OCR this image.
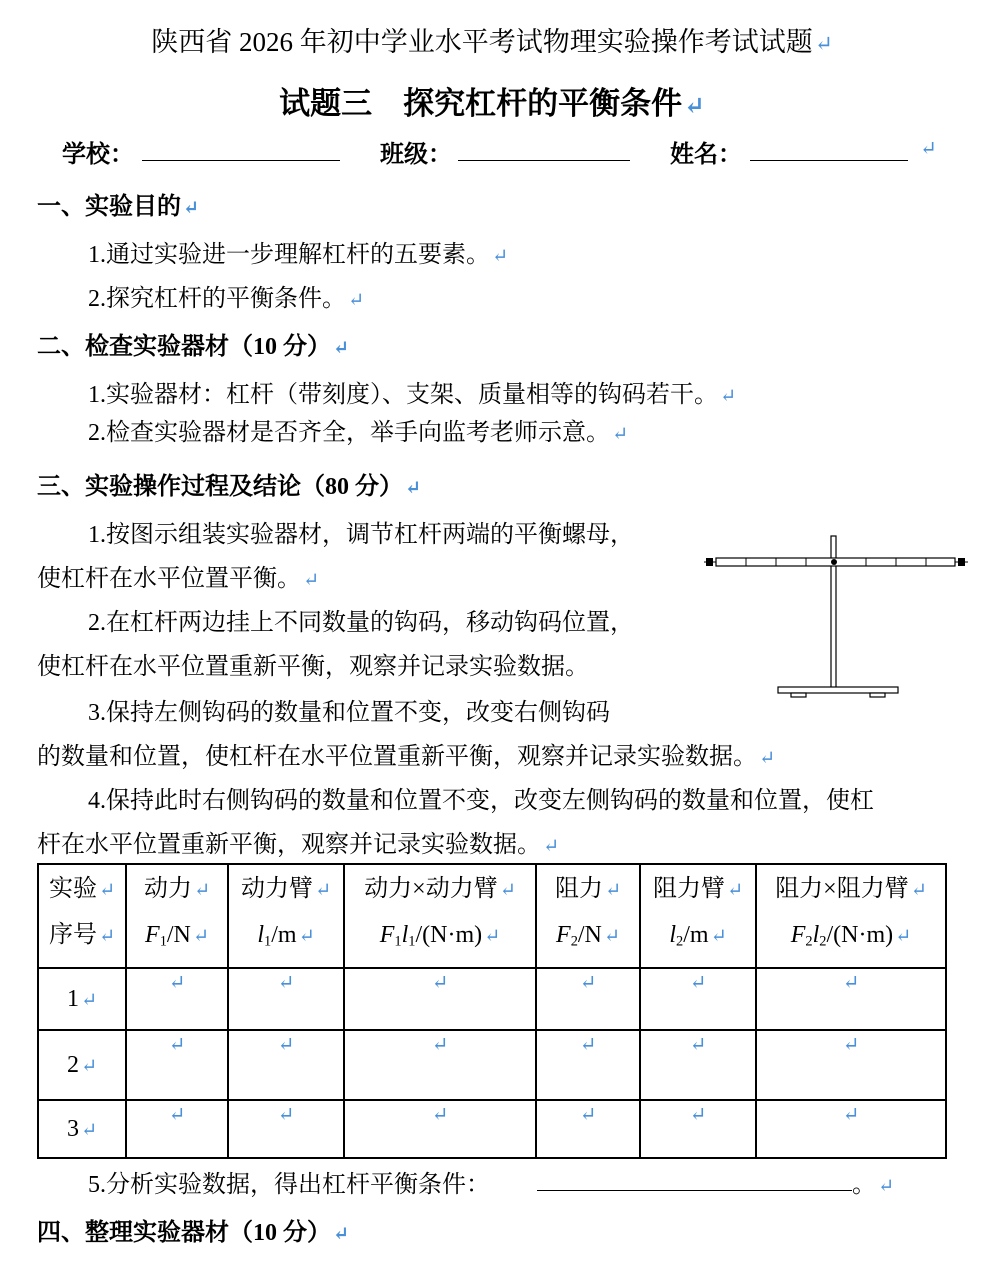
陕西省 2026 年初中学业水平考试物理实验操作考试试题 ↵
试题三　探究杠杆的平衡条件 ↵
学校：	班级：	姓名：
↵
一、实验目的 ↵
1.通过实验进一步理解杠杆的五要素。 ↵
2.探究杠杆的平衡条件。 ↵
二、检查实验器材（10 分） ↵
1.实验器材：杠杆（带刻度）、支架、质量相等的钩码若干。 ↵
2.检查实验器材是否齐全，举手向监考老师示意。 ↵
三、实验操作过程及结论（80 分） ↵
1.按图示组装实验器材，调节杠杆两端的平衡螺母，
使杠杆在水平位置平衡。 ↵
2.在杠杆两边挂上不同数量的钩码，移动钩码位置，
使杠杆在水平位置重新平衡，观察并记录实验数据。
3.保持左侧钩码的数量和位置不变，改变右侧钩码
的数量和位置，使杠杆在水平位置重新平衡，观察并记录实验数据。 ↵
4.保持此时右侧钩码的数量和位置不变，改变左侧钩码的数量和位置，使杠
杆在水平位置重新平衡，观察并记录实验数据。 ↵
实验 ↵
序号 ↵	动力 ↵
$F_1/N$ ↵	动力臂 ↵
$l_1/m$ ↵	动力×动力臂 ↵
$F_1l_1/(N\cdot m)$ ↵	阻力 ↵
$F_2/N$ ↵	阻力臂 ↵
$l_2/m$ ↵	阻力×阻力臂 ↵
$F_2l_2/(N\cdot m)$ ↵
1 ↵	↵	↵	↵	↵	↵	↵
2 ↵	↵	↵	↵	↵	↵	↵
3 ↵	↵	↵	↵	↵	↵	↵
5.分析实验数据，得出杠杆平衡条件：	。 ↵
四、整理实验器材（10 分） ↵
